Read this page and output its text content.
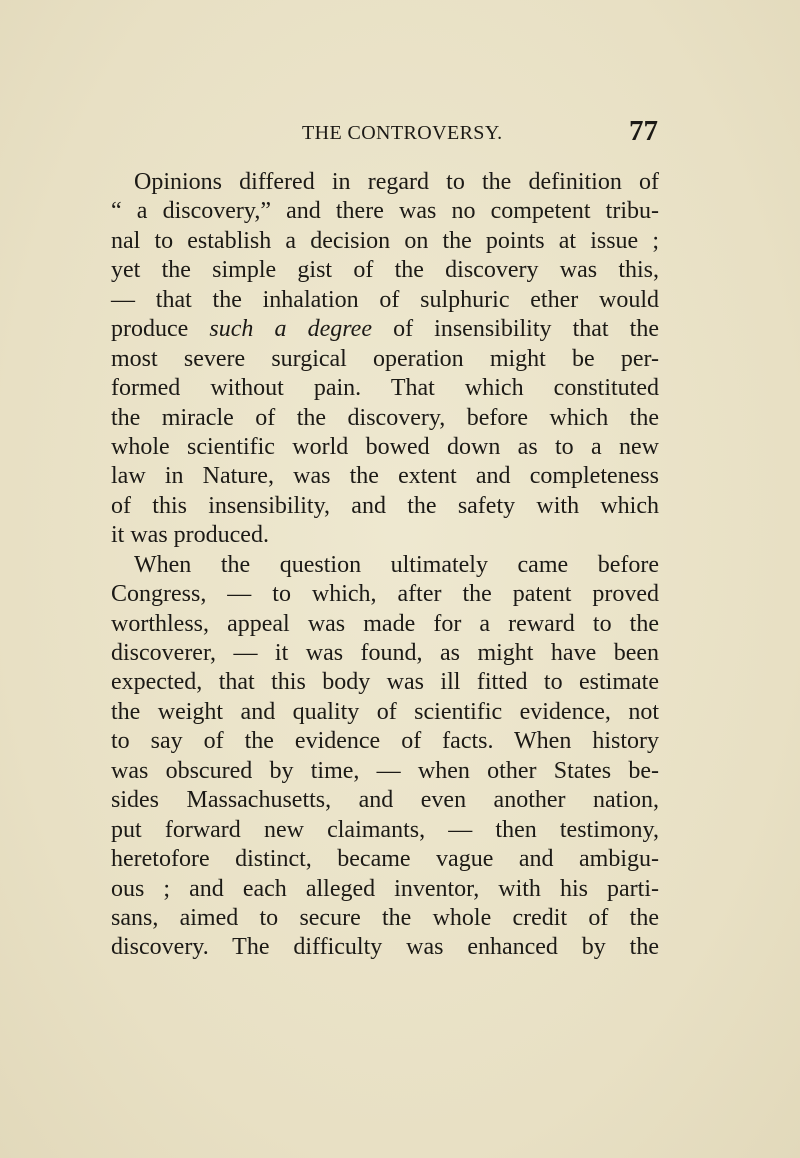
THE CONTROVERSY.	77
Opinions differed in regard to the definition of
“ a discovery,” and there was no competent tribu-
nal to establish a decision on the points at issue ;
yet the simple gist of the discovery was this,
— that the inhalation of sulphuric ether would
produce such a degree of insensibility that the
most severe surgical operation might be per-
formed without pain. That which constituted
the miracle of the discovery, before which the
whole scientific world bowed down as to a new
law in Nature, was the extent and completeness
of this insensibility, and the safety with which
it was produced.
When the question ultimately came before
Congress, — to which, after the patent proved
worthless, appeal was made for a reward to the
discoverer, — it was found, as might have been
expected, that this body was ill fitted to estimate
the weight and quality of scientific evidence, not
to say of the evidence of facts. When history
was obscured by time, — when other States be-
sides Massachusetts, and even another nation,
put forward new claimants, — then testimony,
heretofore distinct, became vague and ambigu-
ous ; and each alleged inventor, with his parti-
sans, aimed to secure the whole credit of the
discovery. The difficulty was enhanced by the
